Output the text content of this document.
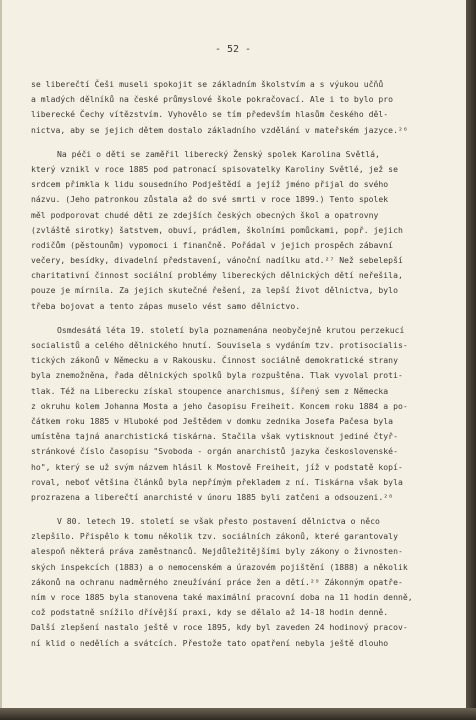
- 52 -
se liberečtí Češi museli spokojit se základním školstvím a s výukou učňů
a mladých dělníků na české průmyslové škole pokračovací. Ale i to bylo pro
liberecké Čechy vítězstvím. Vyhovělo se tím především hlasům českého děl-
nictva, aby se jejich dětem dostalo základního vzdělání v mateřském jazyce.²⁶
Na péči o děti se zaměřil liberecký Ženský spolek Karolina Světlá,
který vznikl v roce 1885 pod patronací spisovatelky Karoliny Světlé, jež se
srdcem přimkla k lidu sousedního Podještědí a jejíž jméno přijal do svého
názvu. (Jeho patronkou zůstala až do své smrti v roce 1899.) Tento spolek
měl podporovat chudé děti ze zdejších českých obecných škol a opatrovny
(zvláště sirotky) šatstvem, obuví, prádlem, školními pomůckami, popř. jejich
rodičům (pěstounům) vypomoci i finančně. Pořádal v jejich prospěch zábavní
večery, besídky, divadelní představení, vánoční nadílku atd.²⁷ Než sebelepší
charitativní činnost sociální problémy libereckých dělnických dětí neřešila,
pouze je mírnila. Za jejich skutečné řešení, za lepší život dělnictva, bylo
třeba bojovat a tento zápas muselo vést samo dělnictvo.
Osmdesátá léta 19. století byla poznamenána neobyčejně krutou perzekucí
socialistů a celého dělnického hnutí. Souvisela s vydáním tzv. protisocialis-
tických zákonů v Německu a v Rakousku. Činnost sociálně demokratické strany
byla znemožněna, řada dělnických spolků byla rozpuštěna. Tlak vyvolal proti-
tlak. Též na Liberecku získal stoupence anarchismus, šířený sem z Německa
z okruhu kolem Johanna Mosta a jeho časopisu Freiheit. Koncem roku 1884 a po-
čátkem roku 1885 v Hluboké pod Ještědem v domku zednika Josefa Pačesa byla
umístěna tajná anarchistická tiskárna. Stačila však vytisknout jediné čtyř-
stránkové číslo časopisu "Svoboda - orgán anarchistů jazyka československé-
ho", který se už svým názvem hlásil k Mostově Freiheit, jíž v podstatě kopí-
roval, neboť většina článků byla nepřímým překladem z ní. Tiskárna však byla
prozrazena a liberečtí anarchisté v únoru 1885 byli zatčeni a odsouzeni.²⁸
V 80. letech 19. století se však přesto postavení dělnictva o něco
zlepšilo. Přispělo k tomu několik tzv. sociálních zákonů, které garantovaly
alespoň některá práva zaměstnanců. Nejdůležitějšími byly zákony o živnosten-
ských inspekcích (1883) a o nemocenském a úrazovém pojištění (1888) a několik
zákonů na ochranu nadměrného zneužívání práce žen a dětí.²⁹ Zákonným opatře-
ním v roce 1885 byla stanovena také maximální pracovní doba na 11 hodin denně,
což podstatně snížilo dřívější praxi, kdy se dělalo až 14-18 hodin denně.
Další zlepšení nastalo ještě v roce 1895, kdy byl zaveden 24 hodinový pracov-
ní klid o nedělích a svátcích. Přestože tato opatření nebyla ještě dlouho
